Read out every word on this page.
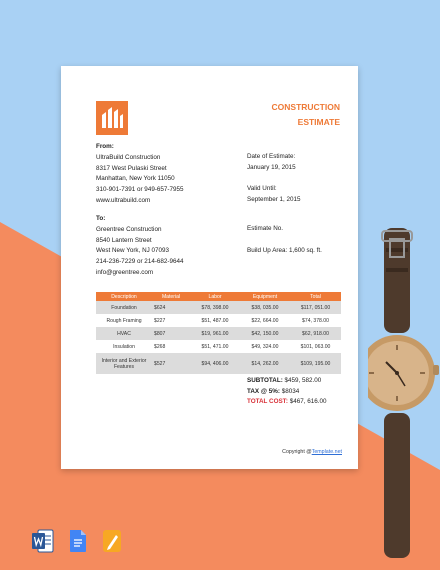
CONSTRUCTION
ESTIMATE
From:
UltraBuild Construction
8317 West Pulaski Street
Manhattan, New York 11050
310-901-7391 or 949-657-7955
www.ultrabuild.com
To:
Greentree Construction
8540 Lantern Street
West New York, NJ 07093
214-236-7229 or 214-682-9644
info@greentree.com
Date of Estimate:
January 19, 2015
Valid Until:
September 1, 2015
Estimate No.
Build Up Area: 1,600 sq. ft.
Description	Material	Labor	Equipment	Total
Foundation	$624	$78, 398.00	$38, 035.00	$117, 051.00
Rough Framing	$227	$51, 487.00	$22, 664.00	$74, 378.00
HVAC	$807	$19, 961.00	$42, 150.00	$62, 918.00
Insulation	$268	$51, 471.00	$49, 324.00	$101, 063.00
Interior and Exterior Features	$527	$94, 406.00	$14, 262.00	$109, 195.00
SUBTOTAL: $459, 582.00
TAX @ 5%: $8034
TOTAL COST: $467, 616.00
Copyright @Template.net
